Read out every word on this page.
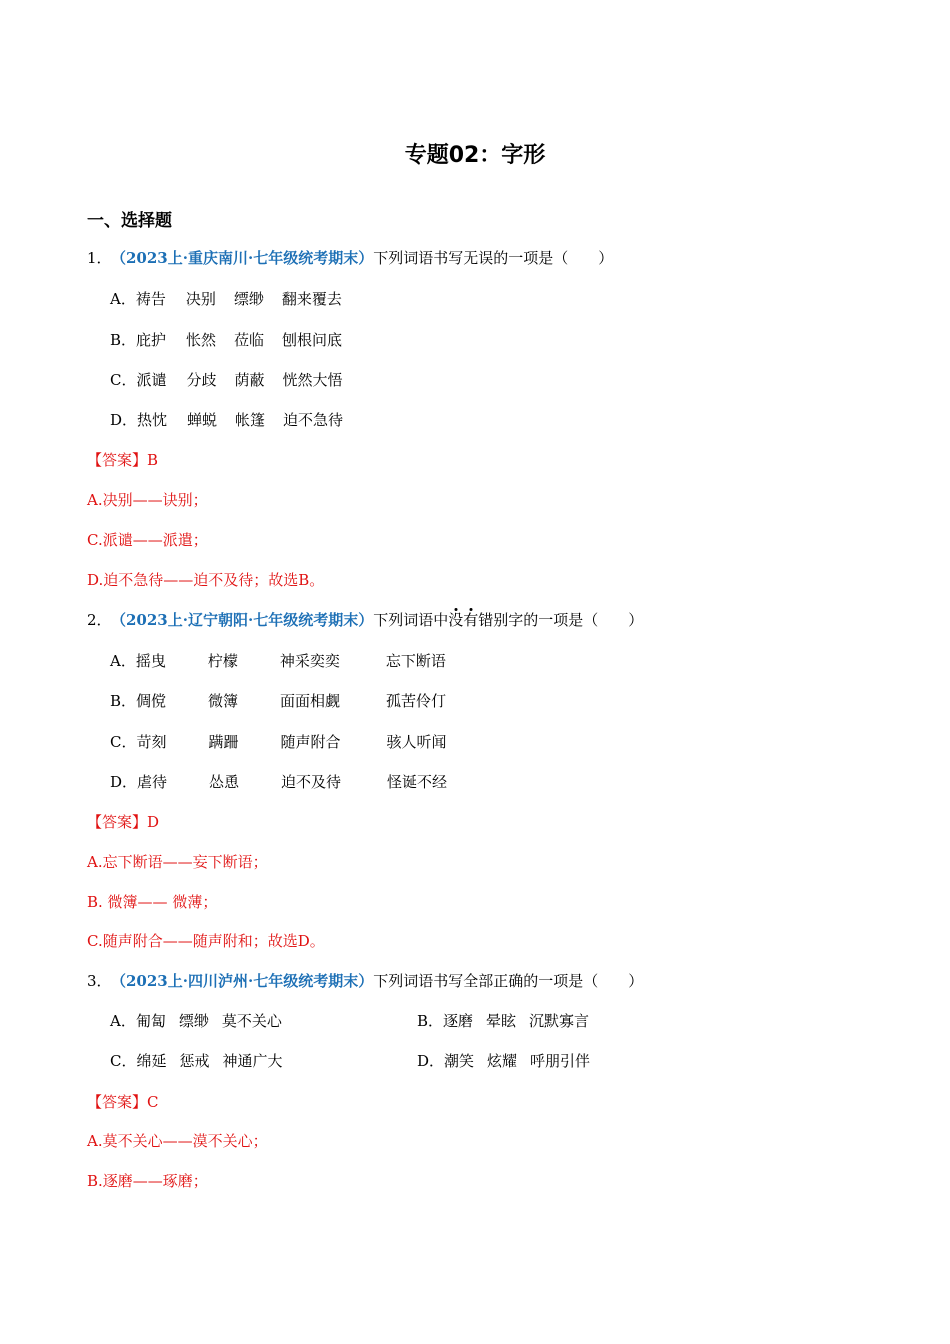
专题02：字形
一、选择题
1．（2023上·重庆南川·七年级统考期末）下列词语书写无误的一项是（　　）
A．祷告 决别 缥缈 翻来覆去
B．庇护 怅然 莅临 刨根问底
C．派谴 分歧 荫蔽 恍然大悟
D．热忱 蝉蜕 帐篷 迫不急待
【答案】B
A.决别——诀别；
C.派谴——派遣；
D.迫不急待——迫不及待；故选B。
2．（2023上·辽宁朝阳·七年级统考期末）下列词语中没有错别字的一项是（　　）
A．摇曳	柠檬	神采奕奕	忘下断语
B．倜傥	微簿	面面相觑	孤苦伶仃
C．苛刻	蹒跚	随声附合	骇人听闻
D．虐待	怂恿	迫不及待	怪诞不经
【答案】D
A.忘下断语——妄下断语；
B. 微簿—— 微薄；
C.随声附合——随声附和；故选D。
3．（2023上·四川泸州·七年级统考期末）下列词语书写全部正确的一项是（　　）
A．匍匐 缥缈 莫不关心	B．逐磨 晕眩 沉默寡言
C．绵延 惩戒 神通广大	D．潮笑 炫耀 呼朋引伴
【答案】C
A.莫不关心——漠不关心；
B.逐磨——琢磨；
